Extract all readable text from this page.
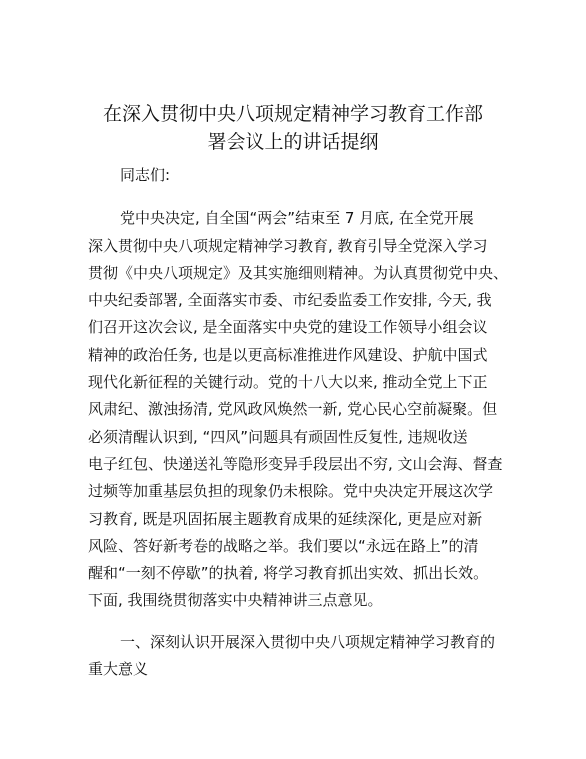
在深入贯彻中央八项规定精神学习教育工作部
署会议上的讲话提纲
同志们:
党中央决定, 自全国“两会”结束至 7 月底, 在全党开展
深入贯彻中央八项规定精神学习教育, 教育引导全党深入学习
贯彻《中央八项规定》及其实施细则精神。为认真贯彻党中央、
中央纪委部署, 全面落实市委、市纪委监委工作安排, 今天, 我
们召开这次会议, 是全面落实中央党的建设工作领导小组会议
精神的政治任务, 也是以更高标准推进作风建设、护航中国式
现代化新征程的关键行动。党的十八大以来, 推动全党上下正
风肃纪、激浊扬清, 党风政风焕然一新, 党心民心空前凝聚。但
必须清醒认识到, “四风”问题具有顽固性反复性, 违规收送
电子红包、快递送礼等隐形变异手段层出不穷, 文山会海、督查
过频等加重基层负担的现象仍未根除。党中央决定开展这次学
习教育, 既是巩固拓展主题教育成果的延续深化, 更是应对新
风险、答好新考卷的战略之举。我们要以“永远在路上”的清
醒和“一刻不停歇”的执着, 将学习教育抓出实效、抓出长效。
下面, 我围绕贯彻落实中央精神讲三点意见。
一、深刻认识开展深入贯彻中央八项规定精神学习教育的
重大意义
